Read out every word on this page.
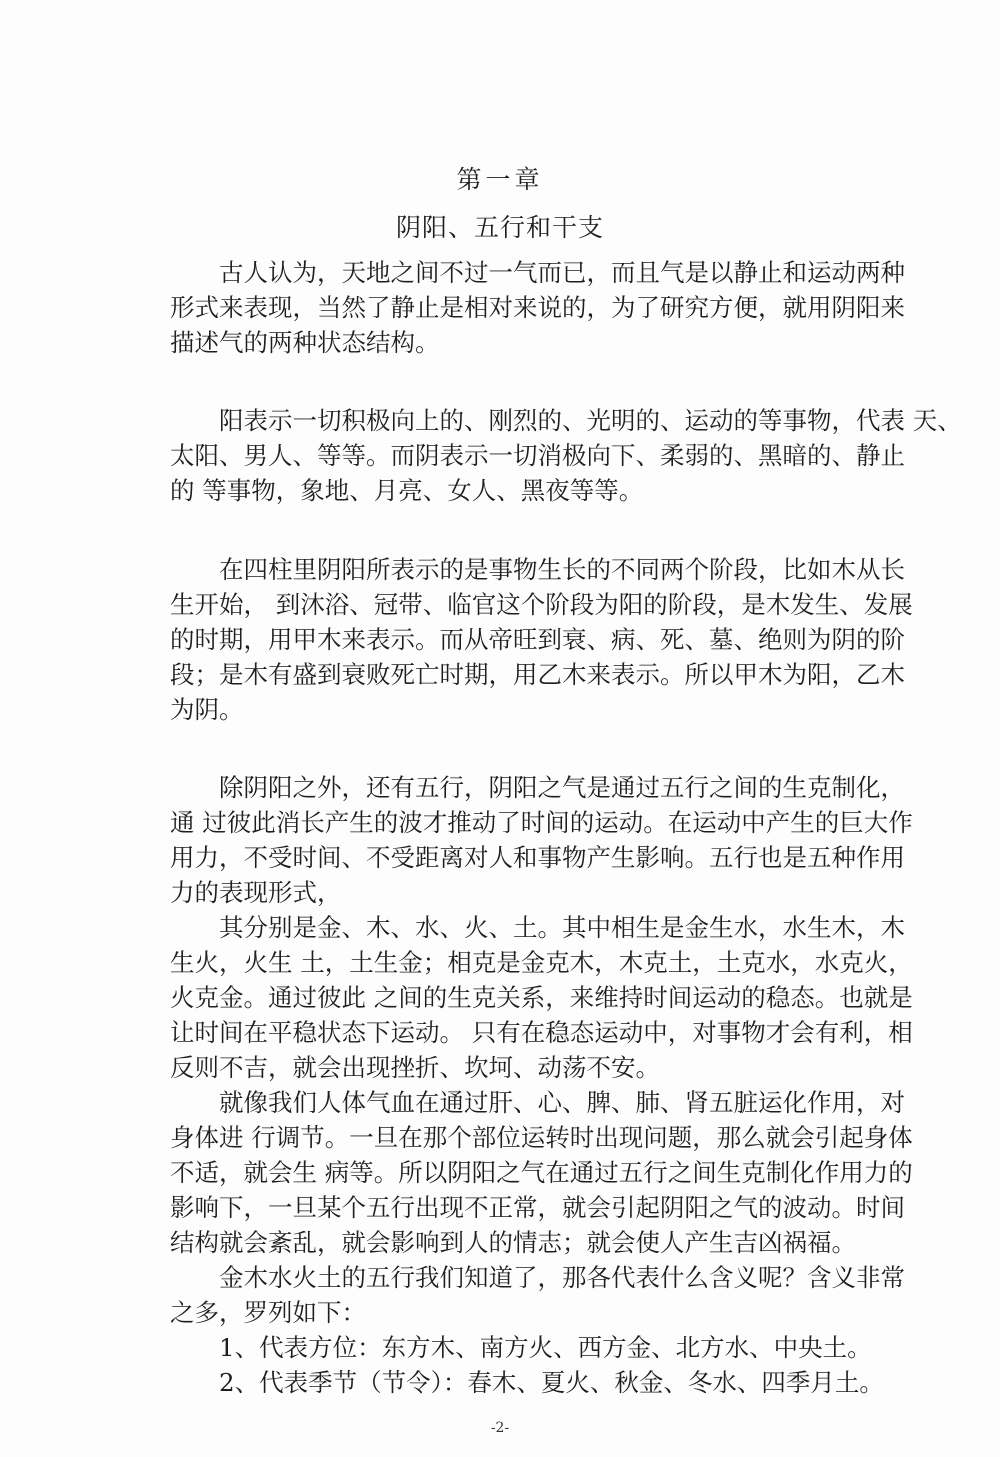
第一章
阴阳、五行和干支
　　古人认为，天地之间不过一气而已，而且气是以静止和运动两种
形式来表现，当然了静止是相对来说的，为了研究方便，就用阴阳来
描述气的两种状态结构。
　　阳表示一切积极向上的、刚烈的、光明的、运动的等事物，代表 天、
太阳、男人、等等。而阴表示一切消极向下、柔弱的、黑暗的、静止
的 等事物，象地、月亮、女人、黑夜等等。
　　在四柱里阴阳所表示的是事物生长的不同两个阶段，比如木从长
生开始， 到沐浴、冠带、临官这个阶段为阳的阶段，是木发生、发展
的时期，用甲木来表示。而从帝旺到衰、病、死、墓、绝则为阴的阶
段；是木有盛到衰败死亡时期，用乙木来表示。所以甲木为阳，乙木
为阴。
　　除阴阳之外，还有五行，阴阳之气是通过五行之间的生克制化，
通 过彼此消长产生的波才推动了时间的运动。在运动中产生的巨大作
用力，不受时间、不受距离对人和事物产生影响。五行也是五种作用
力的表现形式，
　　其分别是金、木、水、火、土。其中相生是金生水，水生木，木
生火，火生 土，土生金；相克是金克木，木克土，土克水，水克火，
火克金。通过彼此 之间的生克关系，来维持时间运动的稳态。也就是
让时间在平稳状态下运动。 只有在稳态运动中，对事物才会有利，相
反则不吉，就会出现挫折、坎坷、动荡不安。
　　就像我们人体气血在通过肝、心、脾、肺、肾五脏运化作用，对
身体进 行调节。一旦在那个部位运转时出现问题，那么就会引起身体
不适，就会生 病等。所以阴阳之气在通过五行之间生克制化作用力的
影响下，一旦某个五行出现不正常，就会引起阴阳之气的波动。时间
结构就会紊乱，就会影响到人的情志；就会使人产生吉凶祸福。
　　金木水火土的五行我们知道了，那各代表什么含义呢？含义非常
之多，罗列如下：
　　1、代表方位：东方木、南方火、西方金、北方水、中央土。
　　2、代表季节（节令）：春木、夏火、秋金、冬水、四季月土。

-2-
